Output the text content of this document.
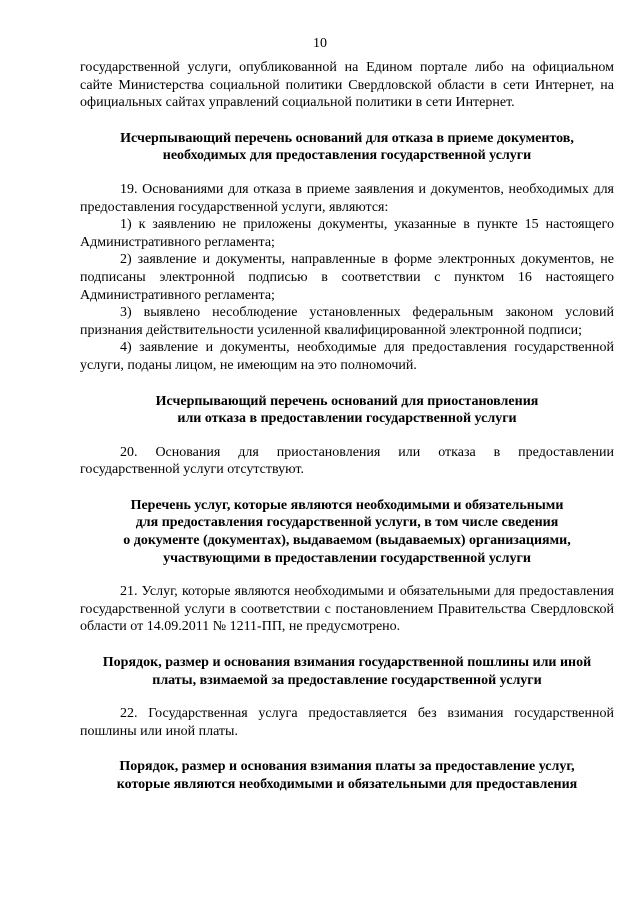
10

государственной услуги, опубликованной на Едином портале либо на официальном сайте Министерства социальной политики Свердловской области в сети Интернет, на официальных сайтах управлений социальной политики в сети Интернет.

Исчерпывающий перечень оснований для отказа в приеме документов,
необходимых для предоставления государственной услуги

19. Основаниями для отказа в приеме заявления и документов, необходимых для предоставления государственной услуги, являются:

1) к заявлению не приложены документы, указанные в пункте 15 настоящего Административного регламента;

2) заявление и документы, направленные в форме электронных документов, не подписаны электронной подписью в соответствии с пунктом 16 настоящего Административного регламента;

3) выявлено несоблюдение установленных федеральным законом условий признания действительности усиленной квалифицированной электронной подписи;

4) заявление и документы, необходимые для предоставления государственной услуги, поданы лицом, не имеющим на это полномочий.

Исчерпывающий перечень оснований для приостановления
или отказа в предоставлении государственной услуги

20. Основания для приостановления или отказа в предоставлении государственной услуги отсутствуют.

Перечень услуг, которые являются необходимыми и обязательными
для предоставления государственной услуги, в том числе сведения
о документе (документах), выдаваемом (выдаваемых) организациями,
участвующими в предоставлении государственной услуги

21. Услуг, которые являются необходимыми и обязательными для предоставления государственной услуги в соответствии с постановлением Правительства Свердловской области от 14.09.2011 № 1211-ПП, не предусмотрено.

Порядок, размер и основания взимания государственной пошлины или иной
платы, взимаемой за предоставление государственной услуги

22. Государственная услуга предоставляется без взимания государственной пошлины или иной платы.

Порядок, размер и основания взимания платы за предоставление услуг,
которые являются необходимыми и обязательными для предоставления
